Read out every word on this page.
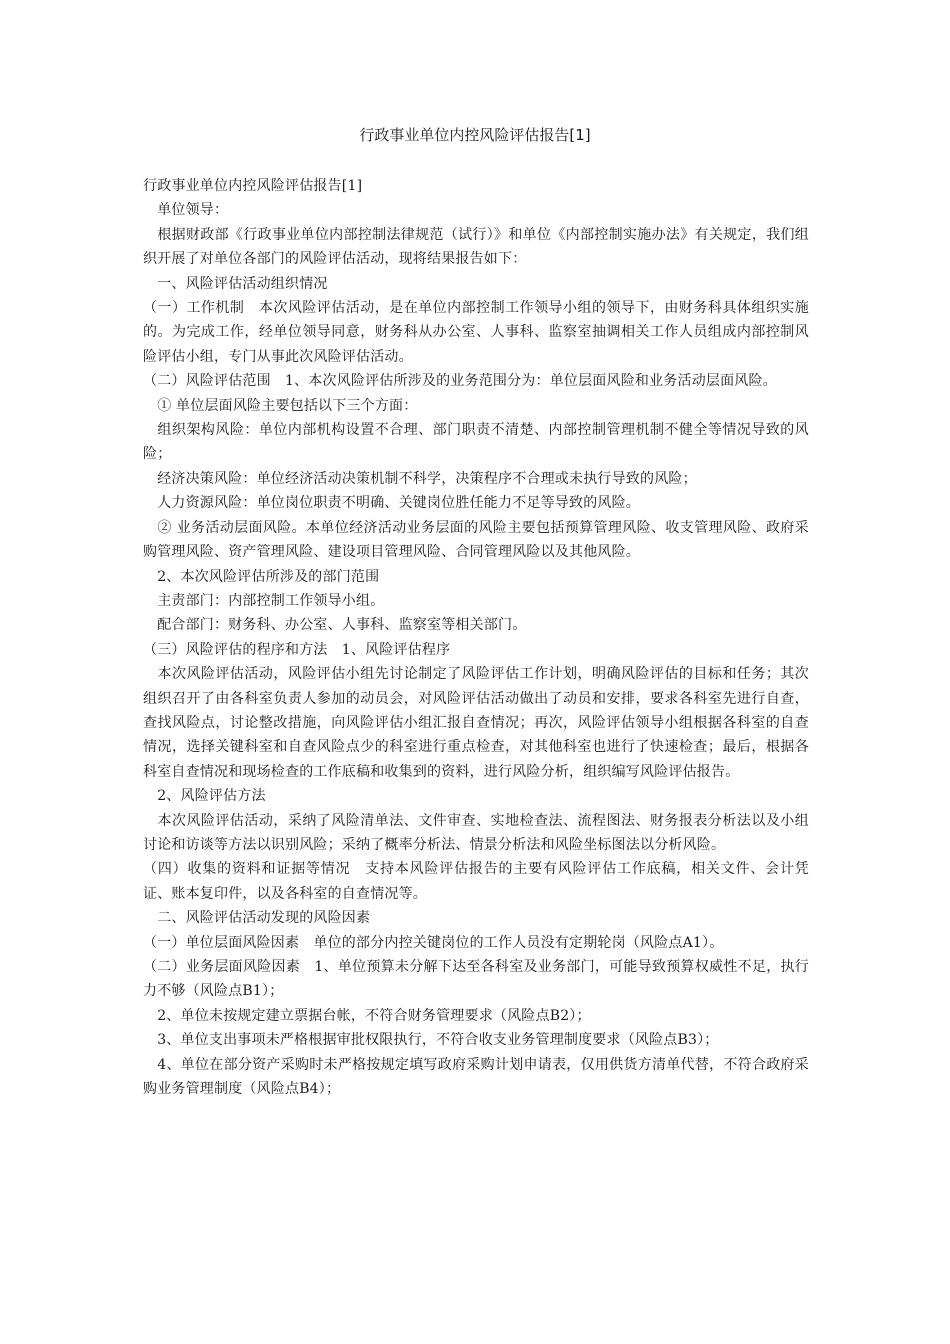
行政事业单位内控风险评估报告[1]

行政事业单位内控风险评估报告[1]

　单位领导：

　根据财政部《行政事业单位内部控制法律规范（试行）》和单位《内部控制实施办法》有关规定，我们组织开展了对单位各部门的风险评估活动，现将结果报告如下：

　一、风险评估活动组织情况

（一）工作机制　本次风险评估活动，是在单位内部控制工作领导小组的领导下，由财务科具体组织实施的。为完成工作，经单位领导同意，财务科从办公室、人事科、监察室抽调相关工作人员组成内部控制风险评估小组，专门从事此次风险评估活动。

（二）风险评估范围　1、本次风险评估所涉及的业务范围分为：单位层面风险和业务活动层面风险。

　① 单位层面风险主要包括以下三个方面：

　组织架构风险：单位内部机构设置不合理、部门职责不清楚、内部控制管理机制不健全等情况导致的风险；

　经济决策风险：单位经济活动决策机制不科学，决策程序不合理或未执行导致的风险；

　人力资源风险：单位岗位职责不明确、关键岗位胜任能力不足等导致的风险。

　② 业务活动层面风险。本单位经济活动业务层面的风险主要包括预算管理风险、收支管理风险、政府采购管理风险、资产管理风险、建设项目管理风险、合同管理风险以及其他风险。

　2、本次风险评估所涉及的部门范围

　主责部门：内部控制工作领导小组。

　配合部门：财务科、办公室、人事科、监察室等相关部门。

（三）风险评估的程序和方法　1、风险评估程序

　本次风险评估活动，风险评估小组先讨论制定了风险评估工作计划，明确风险评估的目标和任务；其次组织召开了由各科室负责人参加的动员会，对风险评估活动做出了动员和安排，要求各科室先进行自查，查找风险点，讨论整改措施，向风险评估小组汇报自查情况；再次，风险评估领导小组根据各科室的自查情况，选择关键科室和自查风险点少的科室进行重点检查，对其他科室也进行了快速检查；最后，根据各科室自查情况和现场检查的工作底稿和收集到的资料，进行风险分析，组织编写风险评估报告。

　2、风险评估方法

　本次风险评估活动，采纳了风险清单法、文件审查、实地检查法、流程图法、财务报表分析法以及小组讨论和访谈等方法以识别风险；采纳了概率分析法、情景分析法和风险坐标图法以分析风险。

（四）收集的资料和证据等情况　支持本风险评估报告的主要有风险评估工作底稿，相关文件、会计凭证、账本复印件，以及各科室的自查情况等。

　二、风险评估活动发现的风险因素

（一）单位层面风险因素　单位的部分内控关键岗位的工作人员没有定期轮岗（风险点A1）。

（二）业务层面风险因素　1、单位预算未分解下达至各科室及业务部门，可能导致预算权威性不足，执行力不够（风险点B1）；

　2、单位未按规定建立票据台帐，不符合财务管理要求（风险点B2）；

　3、单位支出事项未严格根据审批权限执行，不符合收支业务管理制度要求（风险点B3）；

　4、单位在部分资产采购时未严格按规定填写政府采购计划申请表，仅用供货方清单代替，不符合政府采购业务管理制度（风险点B4）；
